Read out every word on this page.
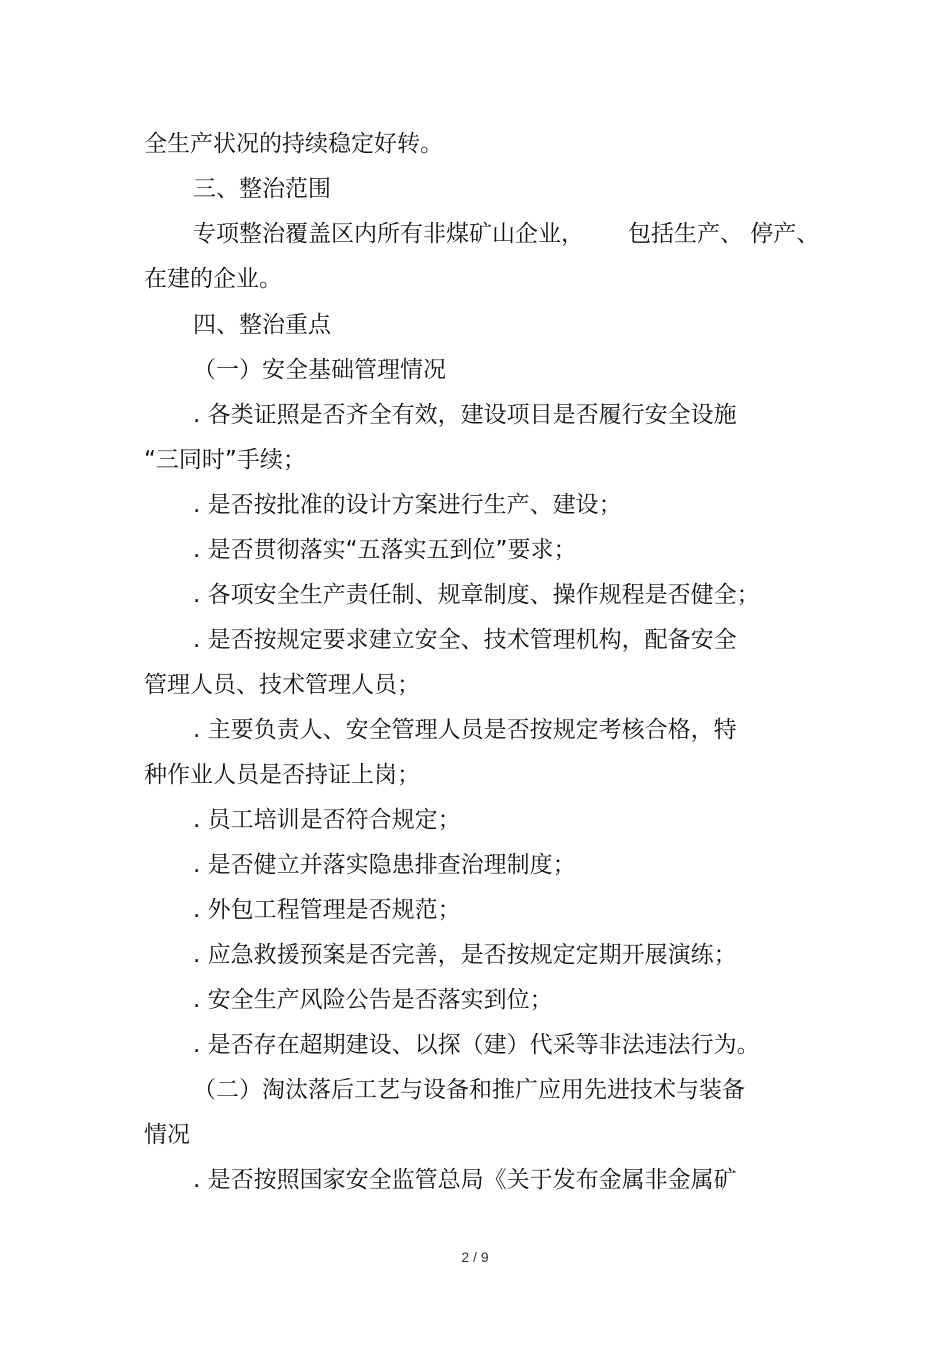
全生产状况的持续稳定好转。
三、整治范围
专项整治覆盖区内所有非煤矿山企业， 包括生产、 停产、
在建的企业。
四、整治重点
（一）安全基础管理情况
. 各类证照是否齐全有效，建设项目是否履行安全设施
“三同时”手续；
. 是否按批准的设计方案进行生产、建设；
. 是否贯彻落实“五落实五到位”要求；
. 各项安全生产责任制、规章制度、操作规程是否健全；
. 是否按规定要求建立安全、技术管理机构，配备安全
管理人员、技术管理人员；
. 主要负责人、安全管理人员是否按规定考核合格，特
种作业人员是否持证上岗；
. 员工培训是否符合规定；
. 是否健立并落实隐患排查治理制度；
. 外包工程管理是否规范；
. 应急救援预案是否完善，是否按规定定期开展演练；
. 安全生产风险公告是否落实到位；
. 是否存在超期建设、以探（建）代采等非法违法行为。
（二）淘汰落后工艺与设备和推广应用先进技术与装备
情况
. 是否按照国家安全监管总局《关于发布金属非金属矿
2 / 9
